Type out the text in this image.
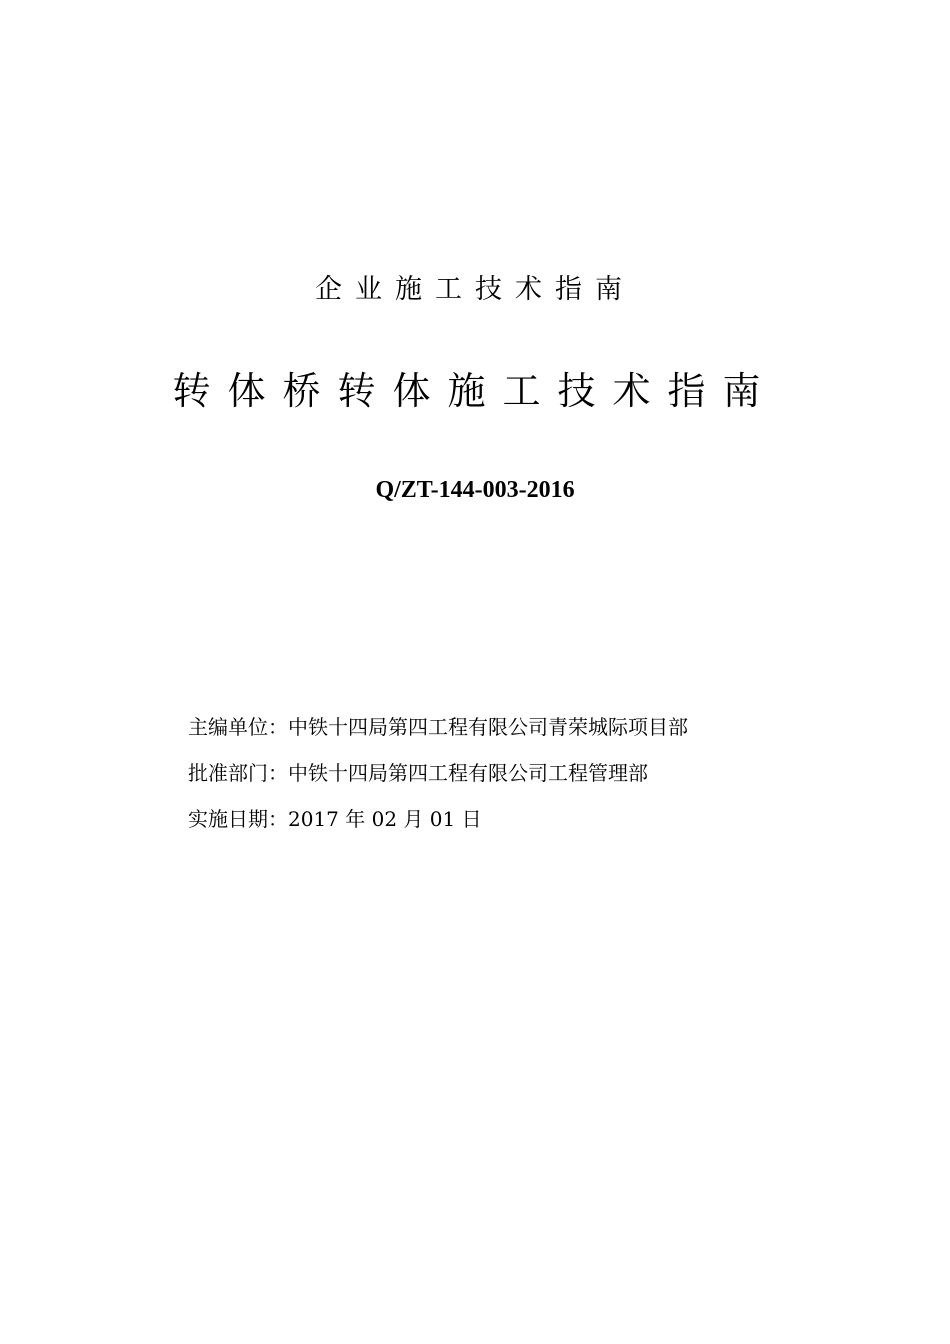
企业施工技术指南
转体桥转体施工技术指南
Q/ZT-144-003-2016
主编单位：中铁十四局第四工程有限公司青荣城际项目部
批准部门：中铁十四局第四工程有限公司工程管理部
实施日期：2017 年 02 月 01 日
